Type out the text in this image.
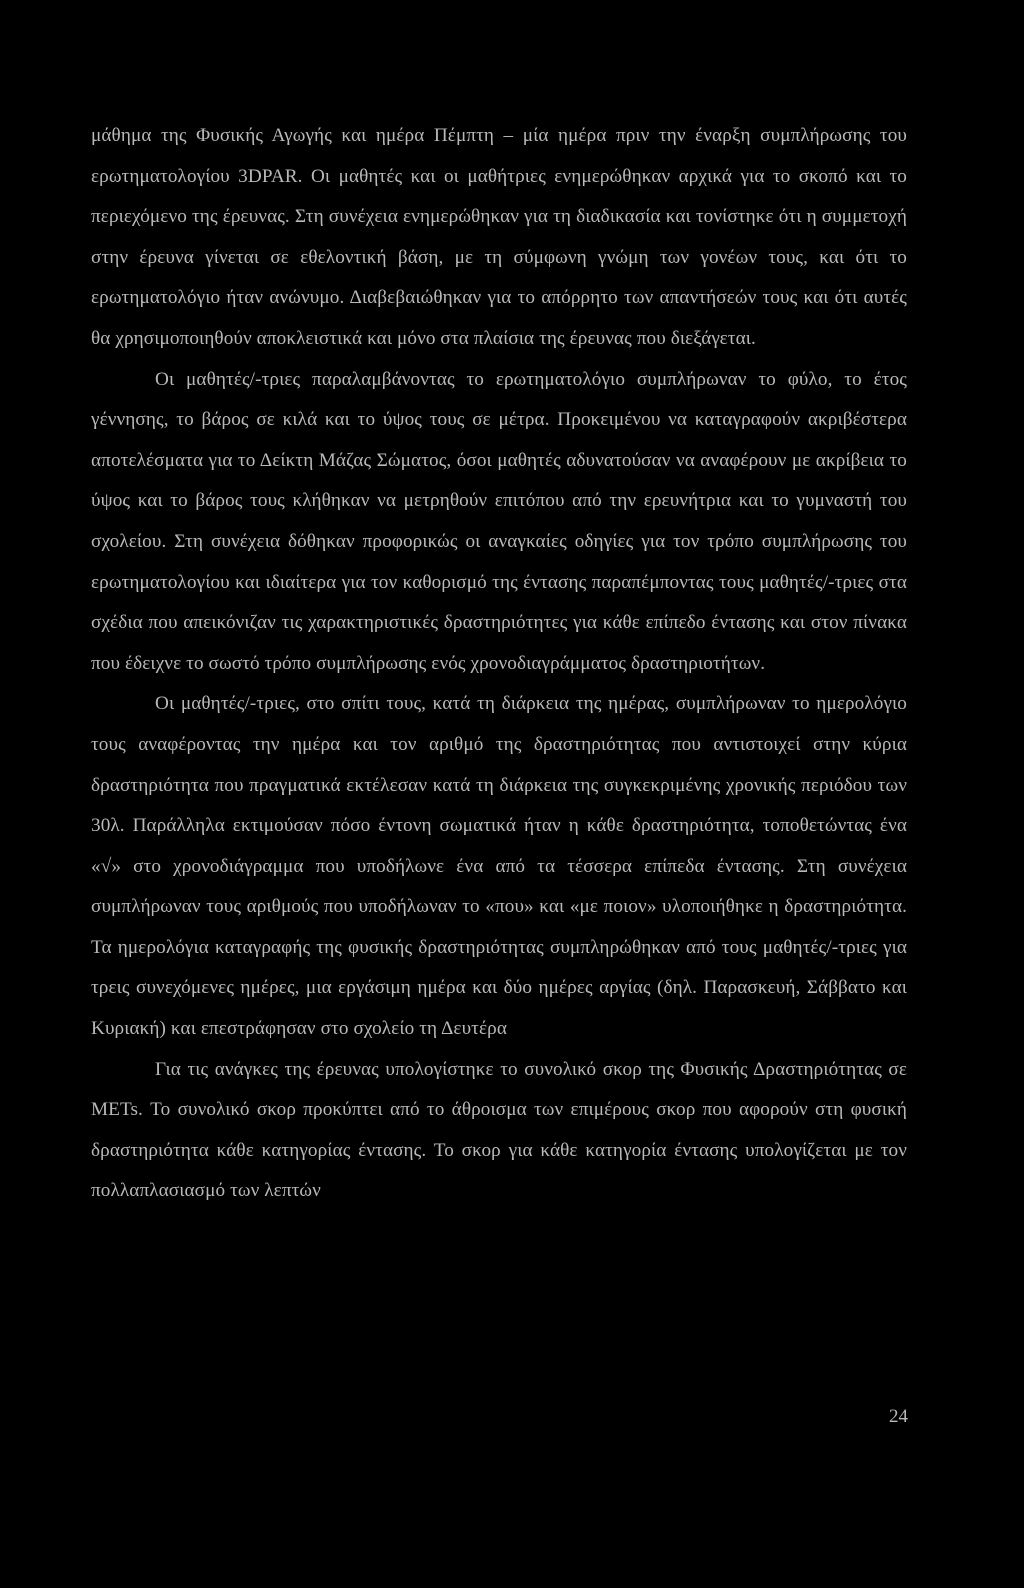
μάθημα της Φυσικής Αγωγής και ημέρα Πέμπτη – μία ημέρα πριν την έναρξη συμπλήρωσης του ερωτηματολογίου 3DPAR. Οι μαθητές και οι μαθήτριες ενημερώθηκαν αρχικά για το σκοπό και το περιεχόμενο της έρευνας. Στη συνέχεια ενημερώθηκαν για τη διαδικασία και τονίστηκε ότι η συμμετοχή στην έρευνα γίνεται σε εθελοντική βάση, με τη σύμφωνη γνώμη των γονέων τους, και ότι το ερωτηματολόγιο ήταν ανώνυμο. Διαβεβαιώθηκαν για το απόρρητο των απαντήσεών τους και ότι αυτές θα χρησιμοποιηθούν αποκλειστικά και μόνο στα πλαίσια της έρευνας που διεξάγεται.

Οι μαθητές/-τριες παραλαμβάνοντας το ερωτηματολόγιο συμπλήρωναν το φύλο, το έτος γέννησης, το βάρος σε κιλά και το ύψος τους σε μέτρα. Προκειμένου να καταγραφούν ακριβέστερα αποτελέσματα για το Δείκτη Μάζας Σώματος, όσοι μαθητές αδυνατούσαν να αναφέρουν με ακρίβεια το ύψος και το βάρος τους κλήθηκαν να μετρηθούν επιτόπου από την ερευνήτρια και το γυμναστή του σχολείου. Στη συνέχεια δόθηκαν προφορικώς οι αναγκαίες οδηγίες για τον τρόπο συμπλήρωσης του ερωτηματολογίου και ιδιαίτερα για τον καθορισμό της έντασης παραπέμποντας τους μαθητές/-τριες στα σχέδια που απεικόνιζαν τις χαρακτηριστικές δραστηριότητες για κάθε επίπεδο έντασης και στον πίνακα που έδειχνε το σωστό τρόπο συμπλήρωσης ενός χρονοδιαγράμματος δραστηριοτήτων.

Οι μαθητές/-τριες, στο σπίτι τους, κατά τη διάρκεια της ημέρας, συμπλήρωναν το ημερολόγιο τους αναφέροντας την ημέρα και τον αριθμό της δραστηριότητας που αντιστοιχεί στην κύρια δραστηριότητα που πραγματικά εκτέλεσαν κατά τη διάρκεια της συγκεκριμένης χρονικής περιόδου των 30λ. Παράλληλα εκτιμούσαν πόσο έντονη σωματικά ήταν η κάθε δραστηριότητα, τοποθετώντας ένα «√» στο χρονοδιάγραμμα που υποδήλωνε ένα από τα τέσσερα επίπεδα έντασης. Στη συνέχεια συμπλήρωναν τους αριθμούς που υποδήλωναν το «που» και «με ποιον» υλοποιήθηκε η δραστηριότητα. Τα ημερολόγια καταγραφής της φυσικής δραστηριότητας συμπληρώθηκαν από τους μαθητές/-τριες για τρεις συνεχόμενες ημέρες, μια εργάσιμη ημέρα και δύο ημέρες αργίας (δηλ. Παρασκευή, Σάββατο και Κυριακή) και επεστράφησαν στο σχολείο τη Δευτέρα

Για τις ανάγκες της έρευνας υπολογίστηκε το συνολικό σκορ της Φυσικής Δραστηριότητας σε METs. Το συνολικό σκορ προκύπτει από το άθροισμα των επιμέρους σκορ που αφορούν στη φυσική δραστηριότητα κάθε κατηγορίας έντασης. Το σκορ για κάθε κατηγορία έντασης υπολογίζεται με τον πολλαπλασιασμό των λεπτών

24
